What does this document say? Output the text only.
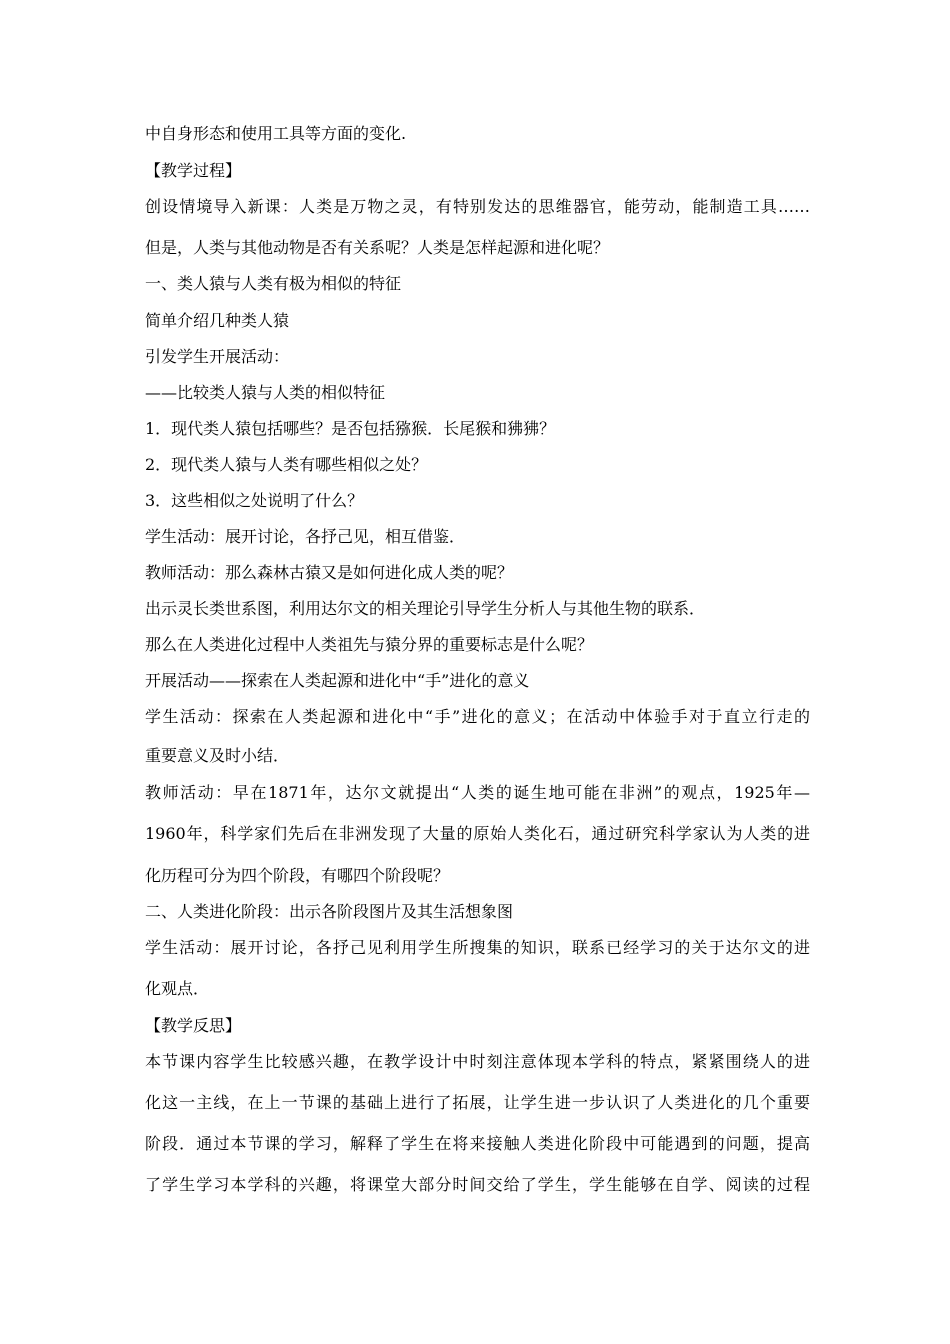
中自身形态和使用工具等方面的变化.
【教学过程】
创设情境导入新课：人类是万物之灵，有特别发达的思维器官，能劳动，能制造工具……
但是，人类与其他动物是否有关系呢？人类是怎样起源和进化呢？
一、类人猿与人类有极为相似的特征
简单介绍几种类人猿
引发学生开展活动：
——比较类人猿与人类的相似特征
1．现代类人猿包括哪些？是否包括猕猴．长尾猴和狒狒？
2．现代类人猿与人类有哪些相似之处？
3．这些相似之处说明了什么？
学生活动：展开讨论，各抒己见，相互借鉴．
教师活动：那么森林古猿又是如何进化成人类的呢？
出示灵长类世系图，利用达尔文的相关理论引导学生分析人与其他生物的联系．
那么在人类进化过程中人类祖先与猿分界的重要标志是什么呢？
开展活动——探索在人类起源和进化中“手”进化的意义
学生活动：探索在人类起源和进化中“手”进化的意义；在活动中体验手对于直立行走的
重要意义及时小结．
教师活动：早在1871年，达尔文就提出“人类的诞生地可能在非洲”的观点，1925年—
1960年，科学家们先后在非洲发现了大量的原始人类化石，通过研究科学家认为人类的进
化历程可分为四个阶段，有哪四个阶段呢？
二、人类进化阶段：出示各阶段图片及其生活想象图
学生活动：展开讨论，各抒己见利用学生所搜集的知识，联系已经学习的关于达尔文的进
化观点．
【教学反思】
本节课内容学生比较感兴趣，在教学设计中时刻注意体现本学科的特点，紧紧围绕人的进
化这一主线，在上一节课的基础上进行了拓展，让学生进一步认识了人类进化的几个重要
阶段．通过本节课的学习，解释了学生在将来接触人类进化阶段中可能遇到的问题，提高
了学生学习本学科的兴趣，将课堂大部分时间交给了学生，学生能够在自学、阅读的过程
